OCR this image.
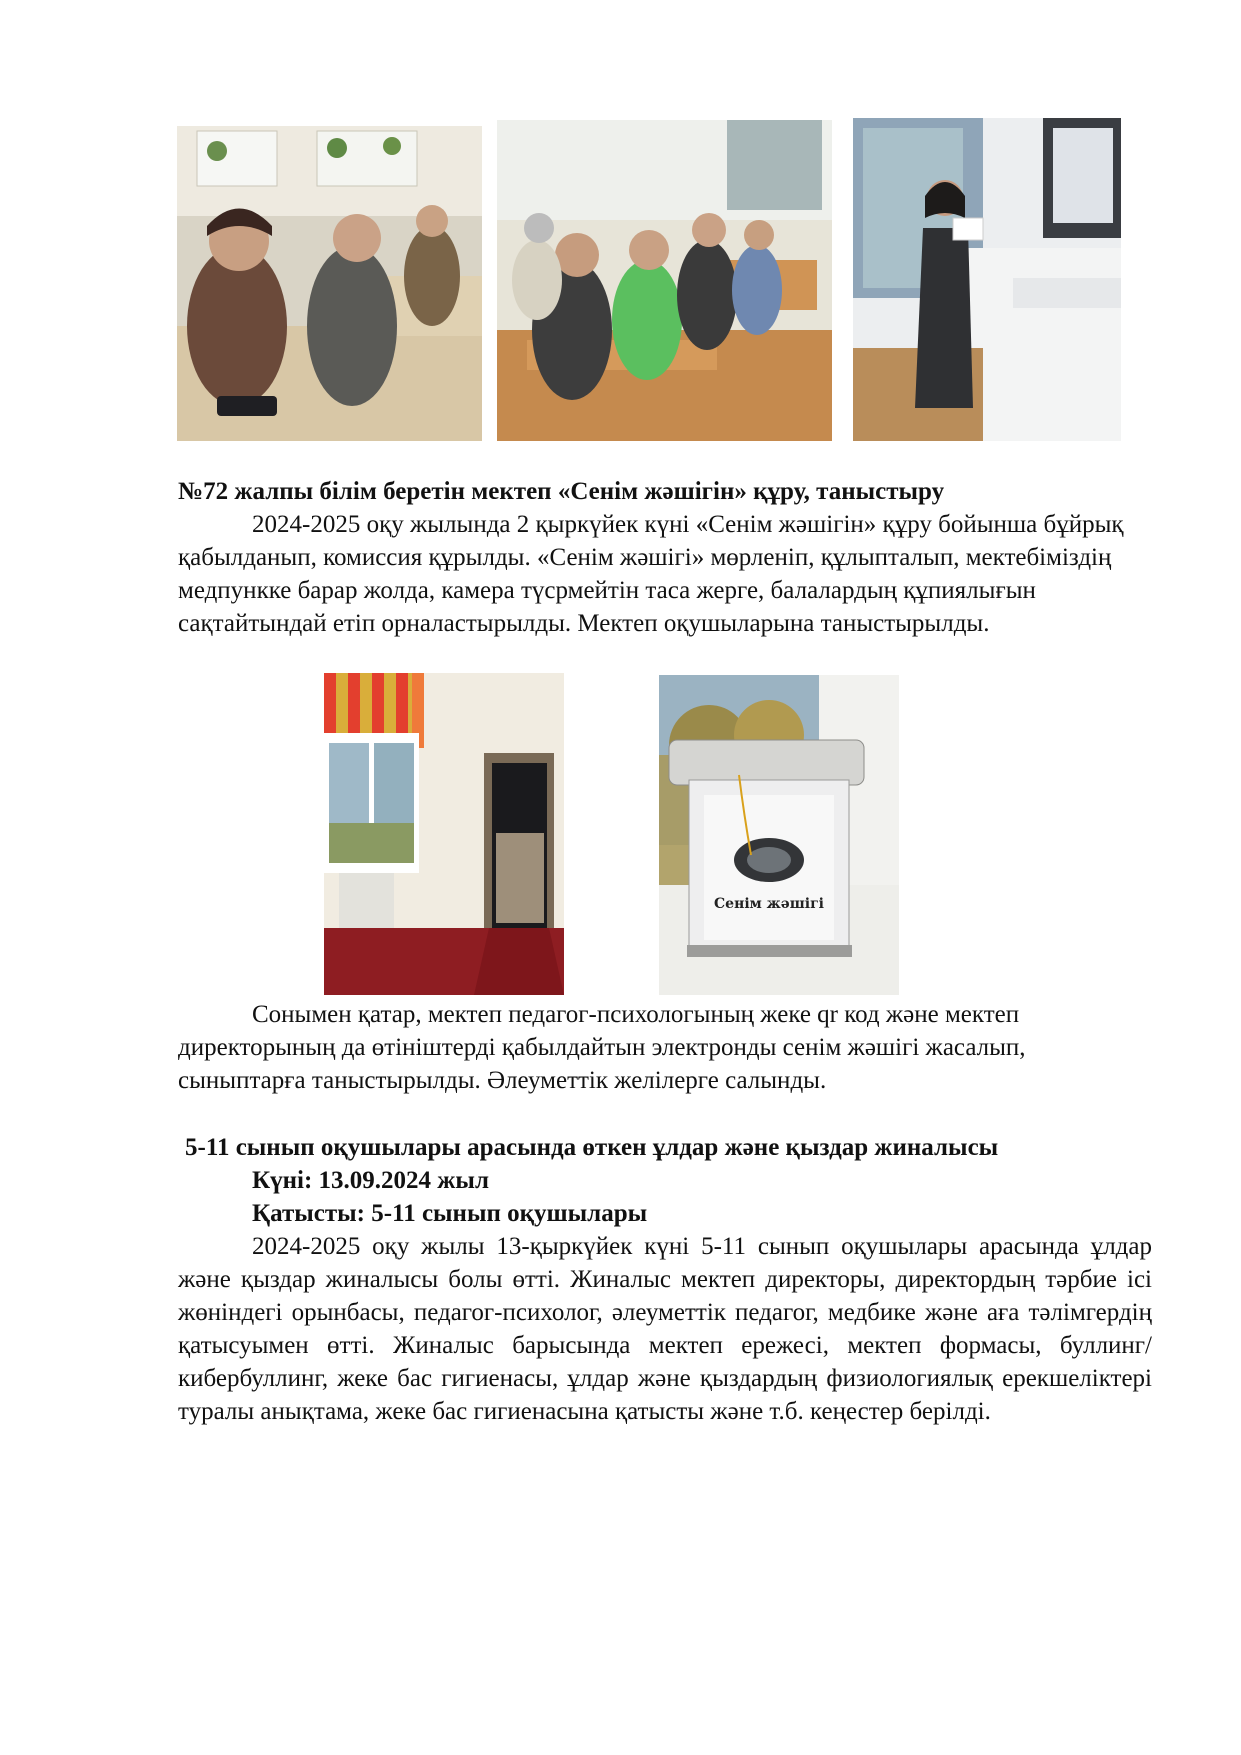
№72 жалпы білім беретін мектеп «Сенім жәшігін» құру, таныстыру

2024-2025 оқу жылында 2 қыркүйек күні «Сенім жәшігін» құру бойынша бұйрық қабылданып, комиссия құрылды. «Сенім жәшігі» мөрленіп, құлыпталып, мектебіміздің медпункке барар жолда, камера түсрмейтін таса жерге, балалардың құпиялығын сақтайтындай етіп орналастырылды. Мектеп оқушыларына таныстырылды.

Сенім жәшігі

Сонымен қатар, мектеп педагог-психологының жеке qr код және мектеп директорының да өтініштерді қабылдайтын электронды сенім жәшігі жасалып, сыныптарға таныстырылды. Әлеуметтік желілерге салынды.

5-11 сынып оқушылары арасында өткен ұлдар және қыздар жиналысы
Күні: 13.09.2024 жыл
Қатысты: 5-11 сынып оқушылары

2024-2025 оқу жылы 13-қыркүйек күні 5-11 сынып оқушылары арасында ұлдар және қыздар жиналысы болы өтті. Жиналыс мектеп директоры, директордың тәрбие ісі жөніндегі орынбасы, педагог-психолог, әлеуметтік педагог, медбике және аға тәлімгердің қатысуымен өтті. Жиналыс барысында мектеп ережесі, мектеп формасы, буллинг/кибербуллинг, жеке бас гигиенасы, ұлдар және қыздардың физиологиялық ерекшеліктері туралы анықтама, жеке бас гигиенасына қатысты және т.б. кеңестер берілді.
